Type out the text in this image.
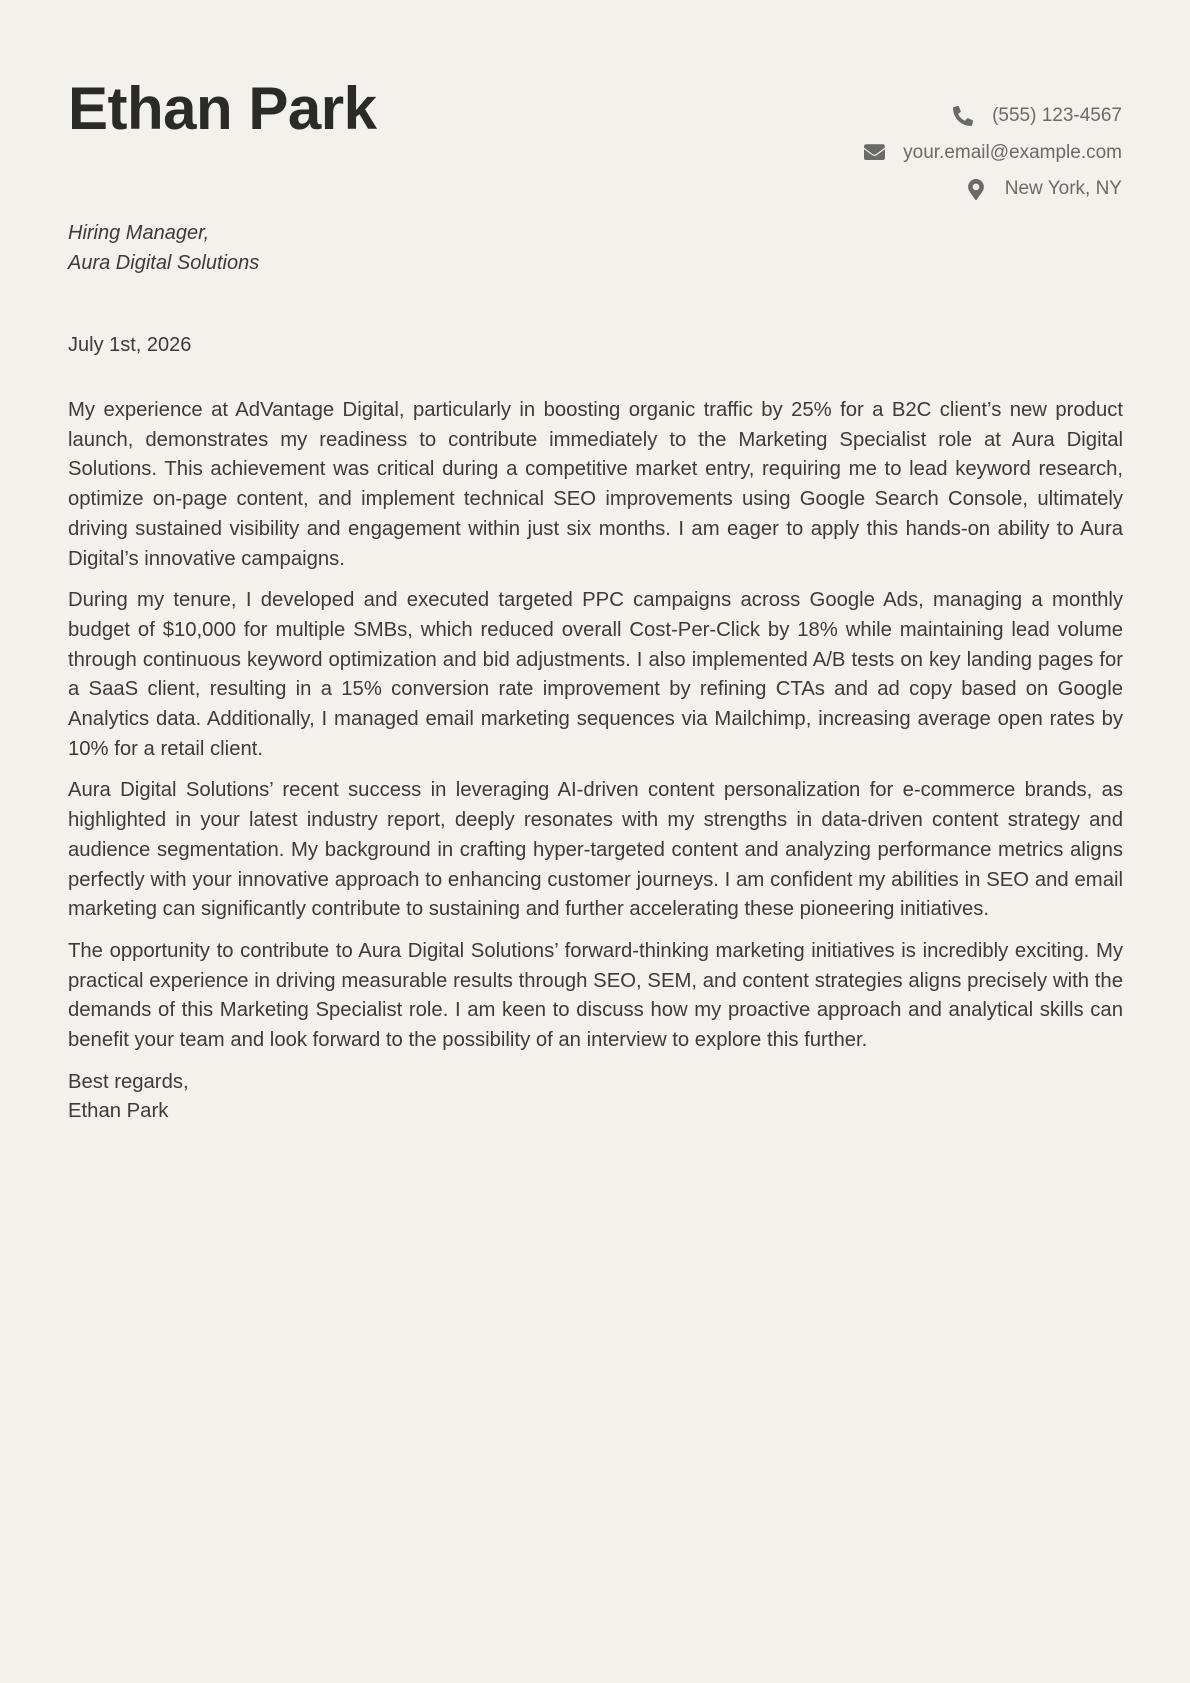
Ethan Park	(555) 123-4567
your.email@example.com
New York, NY
Hiring Manager,
Aura Digital Solutions
July 1st, 2026

My experience at AdVantage Digital, particularly in boosting organic traffic by 25% for a B2C client’s new product launch, demonstrates my readiness to contribute immediately to the Marketing Specialist role at Aura Digital Solutions. This achievement was critical during a competitive market entry, requiring me to lead keyword research, optimize on-page content, and implement technical SEO improvements using Google Search Console, ultimately driving sustained visibility and engagement within just six months. I am eager to apply this hands-on ability to Aura Digital’s innovative campaigns.

During my tenure, I developed and executed targeted PPC campaigns across Google Ads, managing a monthly budget of $10,000 for multiple SMBs, which reduced overall Cost-Per-Click by 18% while maintaining lead volume through continuous keyword optimization and bid adjustments. I also implemented A/B tests on key landing pages for a SaaS client, resulting in a 15% conversion rate improvement by refining CTAs and ad copy based on Google Analytics data. Additionally, I managed email marketing sequences via Mailchimp, increasing average open rates by 10% for a retail client.

Aura Digital Solutions’ recent success in leveraging AI-driven content personalization for e-commerce brands, as highlighted in your latest industry report, deeply resonates with my strengths in data-driven content strategy and audience segmentation. My background in crafting hyper-targeted content and analyzing performance metrics aligns perfectly with your innovative approach to enhancing customer journeys. I am confident my abilities in SEO and email marketing can significantly contribute to sustaining and further accelerating these pioneering initiatives.

The opportunity to contribute to Aura Digital Solutions’ forward-thinking marketing initiatives is incredibly exciting. My practical experience in driving measurable results through SEO, SEM, and content strategies aligns precisely with the demands of this Marketing Specialist role. I am keen to discuss how my proactive approach and analytical skills can benefit your team and look forward to the possibility of an interview to explore this further.

Best regards,
Ethan Park
